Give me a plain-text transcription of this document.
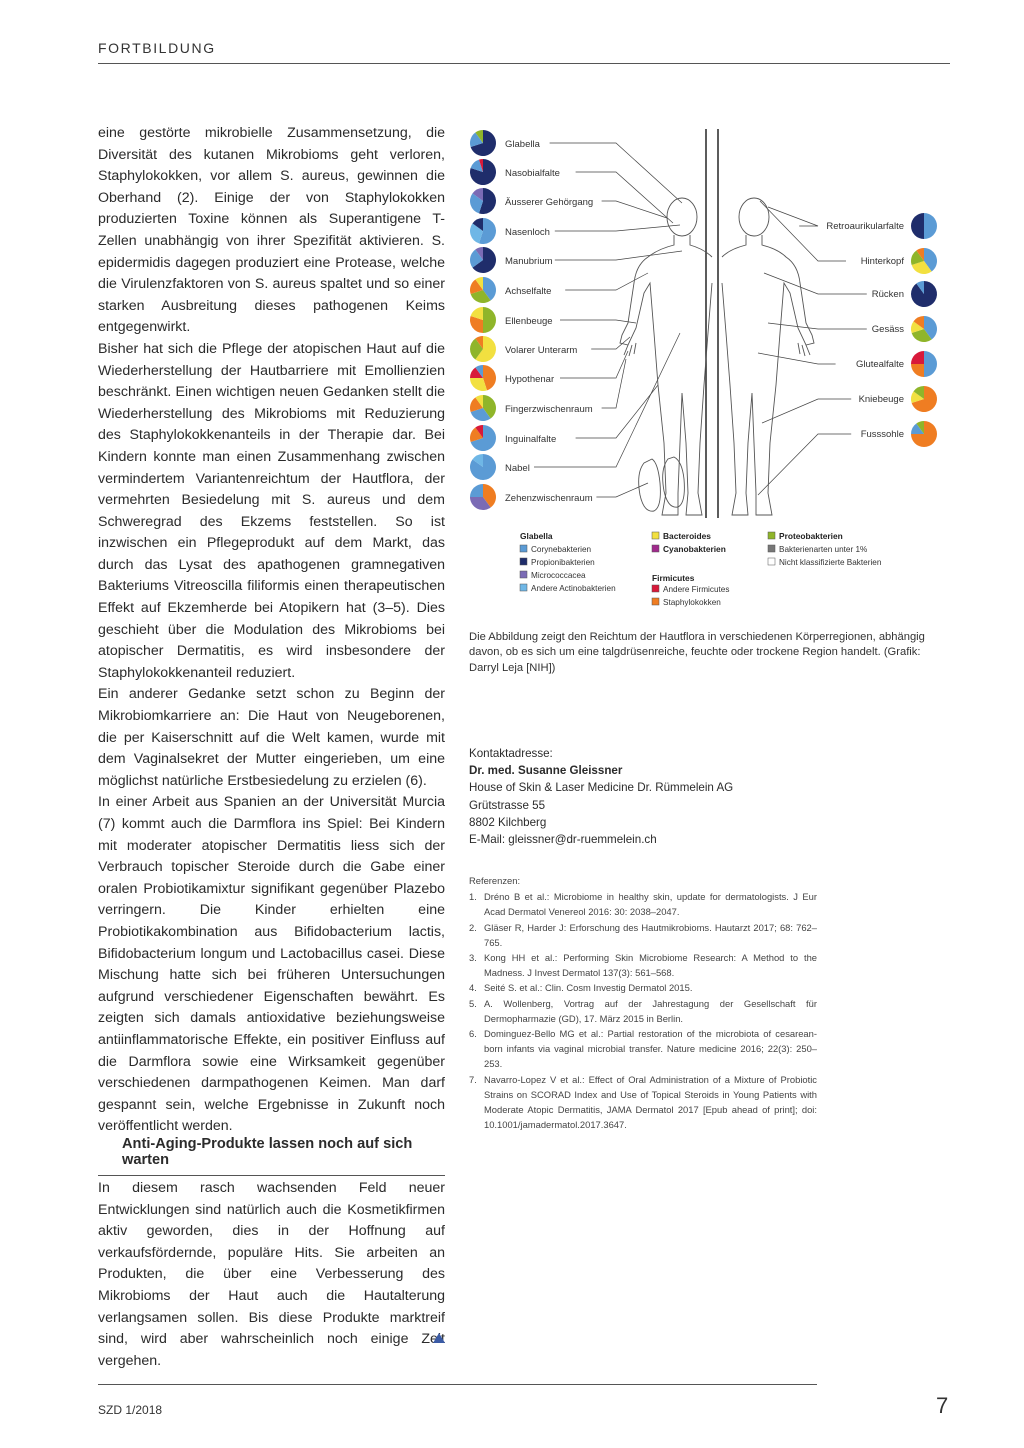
FORTBILDUNG

eine gestörte mikrobielle Zusammensetzung, die Diversität des kutanen Mikrobioms geht verloren, Staphylokokken, vor allem S. aureus, gewinnen die Oberhand (2). Einige der von Staphylokokken produzierten Toxine können als Superantigene T-Zellen unabhängig von ihrer Spezifität aktivieren. S. epidermidis dagegen produziert eine Protease, welche die Virulenzfaktoren von S. aureus spaltet und so einer starken Ausbreitung dieses pathogenen Keims entgegenwirkt.

Bisher hat sich die Pflege der atopischen Haut auf die Wiederherstellung der Hautbarriere mit Emollienzien beschränkt. Einen wichtigen neuen Gedanken stellt die Wiederherstellung des Mikrobioms mit Reduzierung des Staphylokokkenanteils in der Therapie dar. Bei Kindern konnte man einen Zusammenhang zwischen vermindertem Variantenreichtum der Hautflora, der vermehrten Besiedelung mit S. aureus und dem Schweregrad des Ekzems feststellen. So ist inzwischen ein Pflegeprodukt auf dem Markt, das durch das Lysat des apathogenen gramnegativen Bakteriums Vitreoscilla filiformis einen therapeutischen Effekt auf Ekzemherde bei Atopikern hat (3–5). Dies geschieht über die Modulation des Mikrobioms bei atopischer Dermatitis, es wird insbesondere der Staphylokokkenanteil reduziert.

Ein anderer Gedanke setzt schon zu Beginn der Mikrobiomkarriere an: Die Haut von Neugeborenen, die per Kaiserschnitt auf die Welt kamen, wurde mit dem Vaginalsekret der Mutter eingerieben, um eine möglichst natürliche Erstbesiedelung zu erzielen (6).

In einer Arbeit aus Spanien an der Universität Murcia (7) kommt auch die Darmflora ins Spiel: Bei Kindern mit moderater atopischer Dermatitis liess sich der Verbrauch topischer Steroide durch die Gabe einer oralen Probiotikamixtur signifikant gegenüber Plazebo verringern. Die Kinder erhielten eine Probiotikakombination aus Bifidobacterium lactis, Bifidobacterium longum und Lactobacillus casei. Diese Mischung hatte sich bei früheren Untersuchungen aufgrund verschiedener Eigenschaften bewährt. Es zeigten sich damals antioxidative beziehungsweise antiinflammatorische Effekte, ein positiver Einfluss auf die Darmflora sowie eine Wirksamkeit gegenüber verschiedenen darmpathogenen Keimen. Man darf gespannt sein, welche Ergebnisse in Zukunft noch veröffentlicht werden.

Anti-Aging-Produkte lassen noch auf sich warten

In diesem rasch wachsenden Feld neuer Entwicklungen sind natürlich auch die Kosmetikfirmen aktiv geworden, dies in der Hoffnung auf verkaufsfördernde, populäre Hits. Sie arbeiten an Produkten, die über eine Verbesserung des Mikrobioms der Haut auch die Hautalterung verlangsamen sollen. Bis diese Produkte marktreif sind, wird aber wahrscheinlich noch einige Zeit vergehen.

Glabella
Nasobialfalte
Äusserer Gehörgang
Nasenloch
Manubrium
Achselfalte
Ellenbeuge
Volarer Unterarm
Hypothenar
Fingerzwischenraum
Inguinalfalte
Nabel
Zehenzwischenraum
Retroaurikularfalte
Hinterkopf
Rücken
Gesäss
Glutealfalte
Kniebeuge
Fusssohle
Glabella
Corynebakterien
Propionibakterien
Micrococcacea
Andere Actinobakterien
Bacteroides
Cyanobakterien
Firmicutes
Andere Firmicutes
Staphylokokken
Proteobakterien
Bakterienarten unter 1%
Nicht klassifizierte Bakterien
Die Abbildung zeigt den Reichtum der Hautflora in verschiedenen Körperregionen, abhängig davon, ob es sich um eine talgdrüsenreiche, feuchte oder trockene Region handelt. (Grafik: Darryl Leja [NIH])
Kontaktadresse:
Dr. med. Susanne Gleissner
House of Skin & Laser Medicine Dr. Rümmelein AG
Grütstrasse 55
8802 Kilchberg
E-Mail: gleissner@dr-ruemmelein.ch
Referenzen:
1. Dréno B et al.: Microbiome in healthy skin, update for dermatologists. J Eur Acad Dermatol Venereol 2016: 30: 2038–2047.
2. Gläser R, Harder J: Erforschung des Hautmikrobioms. Hautarzt 2017; 68: 762–765.
3. Kong HH et al.: Performing Skin Microbiome Research: A Method to the Madness. J Invest Dermatol 137(3): 561–568.
4. Seité S. et al.: Clin. Cosm Investig Dermatol 2015.
5. A. Wollenberg, Vortrag auf der Jahrestagung der Gesellschaft für Dermopharmazie (GD), 17. März 2015 in Berlin.
6. Dominguez-Bello MG et al.: Partial restoration of the microbiota of cesarean-born infants via vaginal microbial transfer. Nature medicine 2016; 22(3): 250–253.
7. Navarro-Lopez V et al.: Effect of Oral Administration of a Mixture of Probiotic Strains on SCORAD Index and Use of Topical Steroids in Young Patients with Moderate Atopic Dermatitis, JAMA Dermatol 2017 [Epub ahead of print]; doi: 10.1001/jamadermatol.2017.3647.
SZD 1/2018	7
